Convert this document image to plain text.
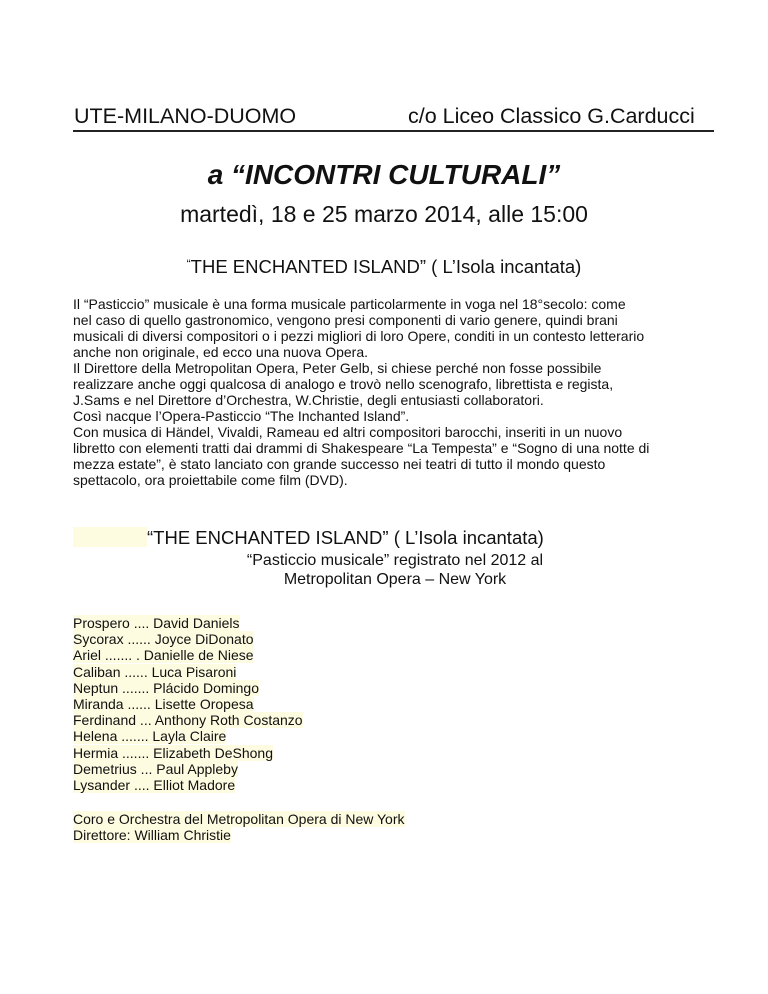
UTE-MILANO-DUOMO	c/o Liceo Classico G.Carducci
a “INCONTRI CULTURALI”
martedì, 18 e 25 marzo 2014, alle 15:00
“THE ENCHANTED ISLAND” ( L’Isola incantata)
Il “Pasticcio” musicale è una forma musicale particolarmente in voga nel 18°secolo: come
nel caso di quello gastronomico, vengono presi componenti di vario genere, quindi brani
musicali di diversi compositori o i pezzi migliori di loro Opere, conditi in un contesto letterario
anche non originale, ed ecco una nuova Opera.
Il Direttore della Metropolitan Opera, Peter Gelb, si chiese perché non fosse possibile
realizzare anche oggi qualcosa di analogo e trovò nello scenografo, librettista e regista,
J.Sams e nel Direttore d’Orchestra, W.Christie, degli entusiasti collaboratori.
Così nacque l’Opera-Pasticcio “The Inchanted Island”.
Con musica di Händel, Vivaldi, Rameau ed altri compositori barocchi, inseriti in un nuovo
libretto con elementi tratti dai drammi di Shakespeare “La Tempesta” e “Sogno di una notte di
mezza estate”, è stato lanciato con grande successo nei teatri di tutto il mondo questo
spettacolo, ora proiettabile come film (DVD).
“THE ENCHANTED ISLAND” ( L’Isola incantata)
“Pasticcio musicale” registrato nel 2012 al
Metropolitan Opera – New York
Prospero .... David Daniels
Sycorax ...... Joyce DiDonato
Ariel ....... . Danielle de Niese
Caliban ...... Luca Pisaroni
Neptun ....... Plácido Domingo
Miranda ...... Lisette Oropesa
Ferdinand ... Anthony Roth Costanzo
Helena ....... Layla Claire
Hermia ....... Elizabeth DeShong
Demetrius ... Paul Appleby
Lysander .... Elliot Madore
Coro e Orchestra del Metropolitan Opera di New York
Direttore: William Christie
